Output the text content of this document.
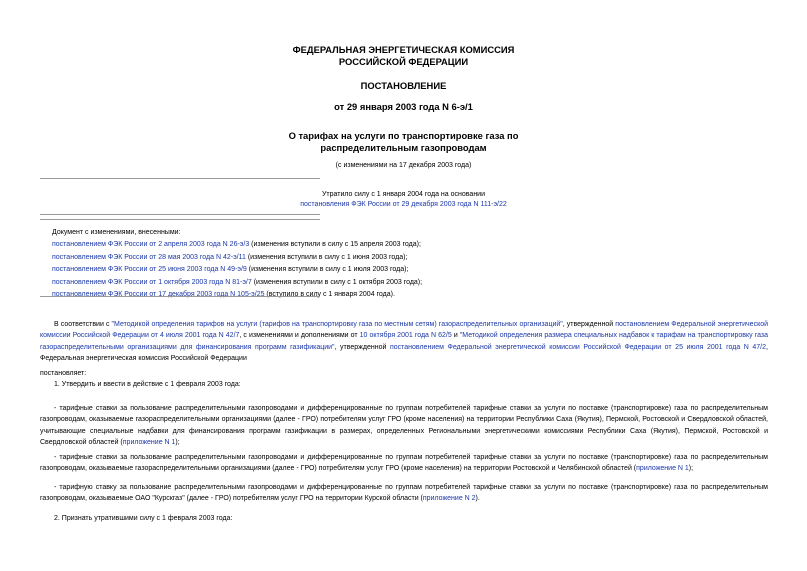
ФЕДЕРАЛЬНАЯ ЭНЕРГЕТИЧЕСКАЯ КОМИССИЯ
РОССИЙСКОЙ ФЕДЕРАЦИИ
ПОСТАНОВЛЕНИЕ
от 29 января 2003 года N 6-э/1
О тарифах на услуги по транспортировке газа по
распределительным газопроводам
(с изменениями на 17 декабря 2003 года)
Утратило силу с 1 января 2004 года на основании
постановления ФЭК России от 29 декабря 2003 года N 111-э/22
Документ с изменениями, внесенными:
постановлением ФЭК России от 2 апреля 2003 года N 26-э/3 (изменения вступили в силу с 15 апреля 2003 года);
постановлением ФЭК России от 28 мая 2003 года N 42-э/11 (изменения вступили в силу с 1 июня 2003 года);
постановлением ФЭК России от 25 июня 2003 года N 49-э/9 (изменения вступили в силу с 1 июля 2003 года);
постановлением ФЭК России от 1 октября 2003 года N 81-э/7 (изменения вступили в силу с 1 октября 2003 года);
постановлением ФЭК России от 17 декабря 2003 года N 105-э/25 (вступило в силу с 1 января 2004 года).
В соответствии с "Методикой определения тарифов на услуги (тарифов на транспортировку газа по местным сетям) газораспределительных организаций", утвержденной постановлением Федеральной энергетической комиссии Российской Федерации от 4 июля 2001 года N 42/7, с изменениями и дополнениями от 10 октября 2001 года N 62/5 и "Методикой определения размера специальных надбавок к тарифам на транспортировку газа газораспределительными организациями для финансирования программ газификации", утвержденной постановлением Федеральной энергетической комиссии Российской Федерации от 25 июля 2001 года N 47/2, Федеральная энергетическая комиссия Российской Федерации
постановляет:
1. Утвердить и ввести в действие с 1 февраля 2003 года:
- тарифные ставки за пользование распределительными газопроводами и дифференцированные по группам потребителей тарифные ставки за услуги по поставке (транспортировке) газа по распределительным газопроводам, оказываемые газораспределительными организациями (далее - ГРО) потребителям услуг ГРО (кроме населения) на территории Республики Саха (Якутия), Пермской, Ростовской и Свердловской областей, учитывающие специальные надбавки для финансирования программ газификации в размерах, определенных Региональными энергетическими комиссиями Республики Саха (Якутия), Пермской, Ростовской и Свердловской областей (приложение N 1);
- тарифные ставки за пользование распределительными газопроводами и дифференцированные по группам потребителей тарифные ставки за услуги по поставке (транспортировке) газа по распределительным газопроводам, оказываемые газораспределительными организациями (далее - ГРО) потребителям услуг ГРО (кроме населения) на территории Ростовской и Челябинской областей (приложение N 1);
- тарифную ставку за пользование распределительными газопроводами и дифференцированные по группам потребителей тарифные ставки за услуги по поставке (транспортировке) газа по распределительным газопроводам, оказываемые ОАО "Курскгаз" (далее - ГРО) потребителям услуг ГРО на территории Курской области (приложение N 2).
2. Признать утратившими силу с 1 февраля 2003 года:
